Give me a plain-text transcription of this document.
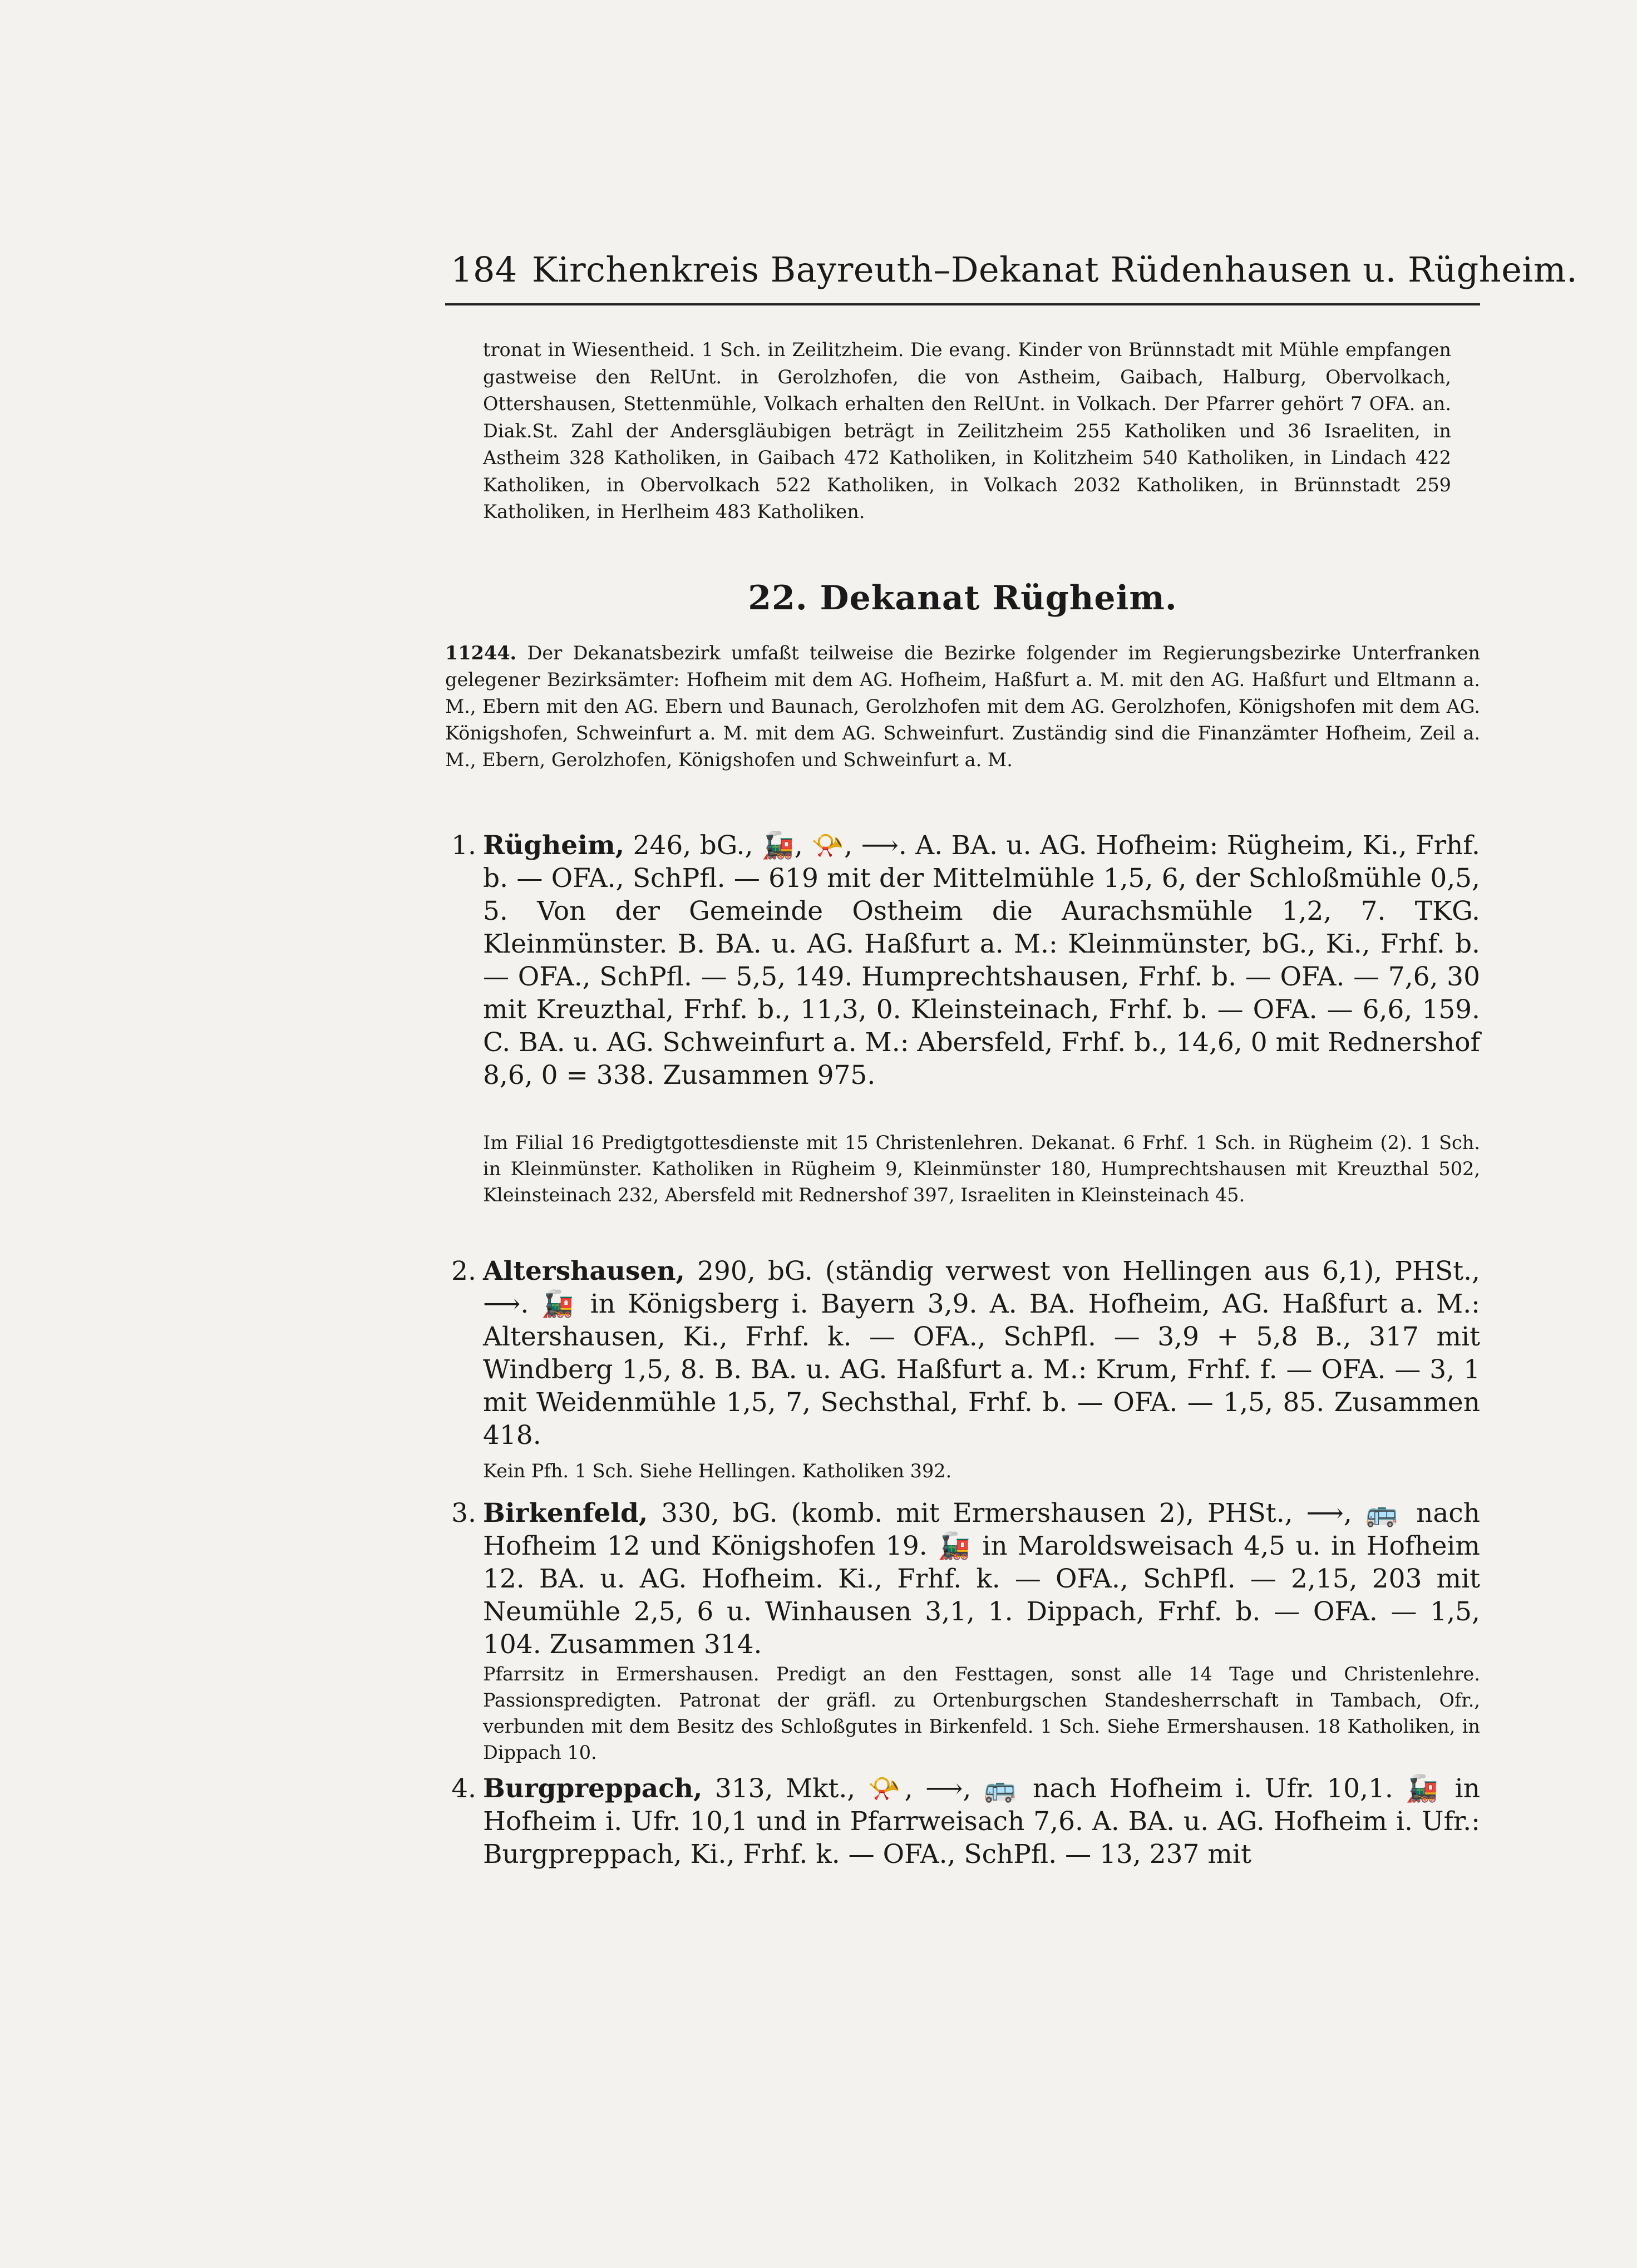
184 Kirchenkreis Bayreuth–Dekanat Rüdenhausen u. Rügheim.
tronat in Wiesentheid. 1 Sch. in Zeilitzheim. Die evang. Kinder von Brünnstadt mit Mühle empfangen gastweise den RelUnt. in Gerolzhofen, die von Astheim, Gaibach, Halburg, Obervolkach, Ottershausen, Stettenmühle, Volkach erhalten den RelUnt. in Volkach. Der Pfarrer gehört 7 OFA. an. Diak.St. Zahl der Andersgläubigen beträgt in Zeilitzheim 255 Katholiken und 36 Israeliten, in Astheim 328 Katholiken, in Gaibach 472 Katholiken, in Kolitzheim 540 Katholiken, in Lindach 422 Katholiken, in Obervolkach 522 Katholiken, in Volkach 2032 Katholiken, in Brünnstadt 259 Katholiken, in Herlheim 483 Katholiken.
22. Dekanat Rügheim.
11244. Der Dekanatsbezirk umfaßt teilweise die Bezirke folgender im Regierungsbezirke Unterfranken gelegener Bezirksämter: Hofheim mit dem AG. Hofheim, Haßfurt a. M. mit den AG. Haßfurt und Eltmann a. M., Ebern mit den AG. Ebern und Baunach, Gerolzhofen mit dem AG. Gerolzhofen, Königshofen mit dem AG. Königshofen, Schweinfurt a. M. mit dem AG. Schweinfurt. Zuständig sind die Finanzämter Hofheim, Zeil a. M., Ebern, Gerolzhofen, Königshofen und Schweinfurt a. M.
1. Rügheim, 246, bG., 🚂, 📯, ⟶. A. BA. u. AG. Hofheim: Rügheim, Ki., Frhf. b. — OFA., SchPfl. — 619 mit der Mittelmühle 1,5, 6, der Schloßmühle 0,5, 5. Von der Gemeinde Ostheim die Aurachsmühle 1,2, 7. TKG. Kleinmünster. B. BA. u. AG. Haßfurt a. M.: Kleinmünster, bG., Ki., Frhf. b. — OFA., SchPfl. — 5,5, 149. Humprechtshausen, Frhf. b. — OFA. — 7,6, 30 mit Kreuzthal, Frhf. b., 11,3, 0. Kleinsteinach, Frhf. b. — OFA. — 6,6, 159. C. BA. u. AG. Schweinfurt a. M.: Abersfeld, Frhf. b., 14,6, 0 mit Rednershof 8,6, 0 = 338. Zusammen 975.
Im Filial 16 Predigtgottesdienste mit 15 Christenlehren. Dekanat. 6 Frhf. 1 Sch. in Rügheim (2). 1 Sch. in Kleinmünster. Katholiken in Rügheim 9, Kleinmünster 180, Humprechtshausen mit Kreuzthal 502, Kleinsteinach 232, Abersfeld mit Rednershof 397, Israeliten in Kleinsteinach 45.
2. Altershausen, 290, bG. (ständig verwest von Hellingen aus 6,1), PHSt., ⟶. 🚂 in Königsberg i. Bayern 3,9. A. BA. Hofheim, AG. Haßfurt a. M.: Altershausen, Ki., Frhf. k. — OFA., SchPfl. — 3,9 + 5,8 B., 317 mit Windberg 1,5, 8. B. BA. u. AG. Haßfurt a. M.: Krum, Frhf. f. — OFA. — 3, 1 mit Weidenmühle 1,5, 7, Sechsthal, Frhf. b. — OFA. — 1,5, 85. Zusammen 418.
Kein Pfh. 1 Sch. Siehe Hellingen. Katholiken 392.
3. Birkenfeld, 330, bG. (komb. mit Ermershausen 2), PHSt., ⟶, 🚌 nach Hofheim 12 und Königshofen 19. 🚂 in Maroldsweisach 4,5 u. in Hofheim 12. BA. u. AG. Hofheim. Ki., Frhf. k. — OFA., SchPfl. — 2,15, 203 mit Neumühle 2,5, 6 u. Winhausen 3,1, 1. Dippach, Frhf. b. — OFA. — 1,5, 104. Zusammen 314.
Pfarrsitz in Ermershausen. Predigt an den Festtagen, sonst alle 14 Tage und Christenlehre. Passionspredigten. Patronat der gräfl. zu Ortenburgschen Standesherrschaft in Tambach, Ofr., verbunden mit dem Besitz des Schloßgutes in Birkenfeld. 1 Sch. Siehe Ermershausen. 18 Katholiken, in Dippach 10.
4. Burgpreppach, 313, Mkt., 📯, ⟶, 🚌 nach Hofheim i. Ufr. 10,1. 🚂 in Hofheim i. Ufr. 10,1 und in Pfarrweisach 7,6. A. BA. u. AG. Hofheim i. Ufr.: Burgpreppach, Ki., Frhf. k. — OFA., SchPfl. — 13, 237 mit
